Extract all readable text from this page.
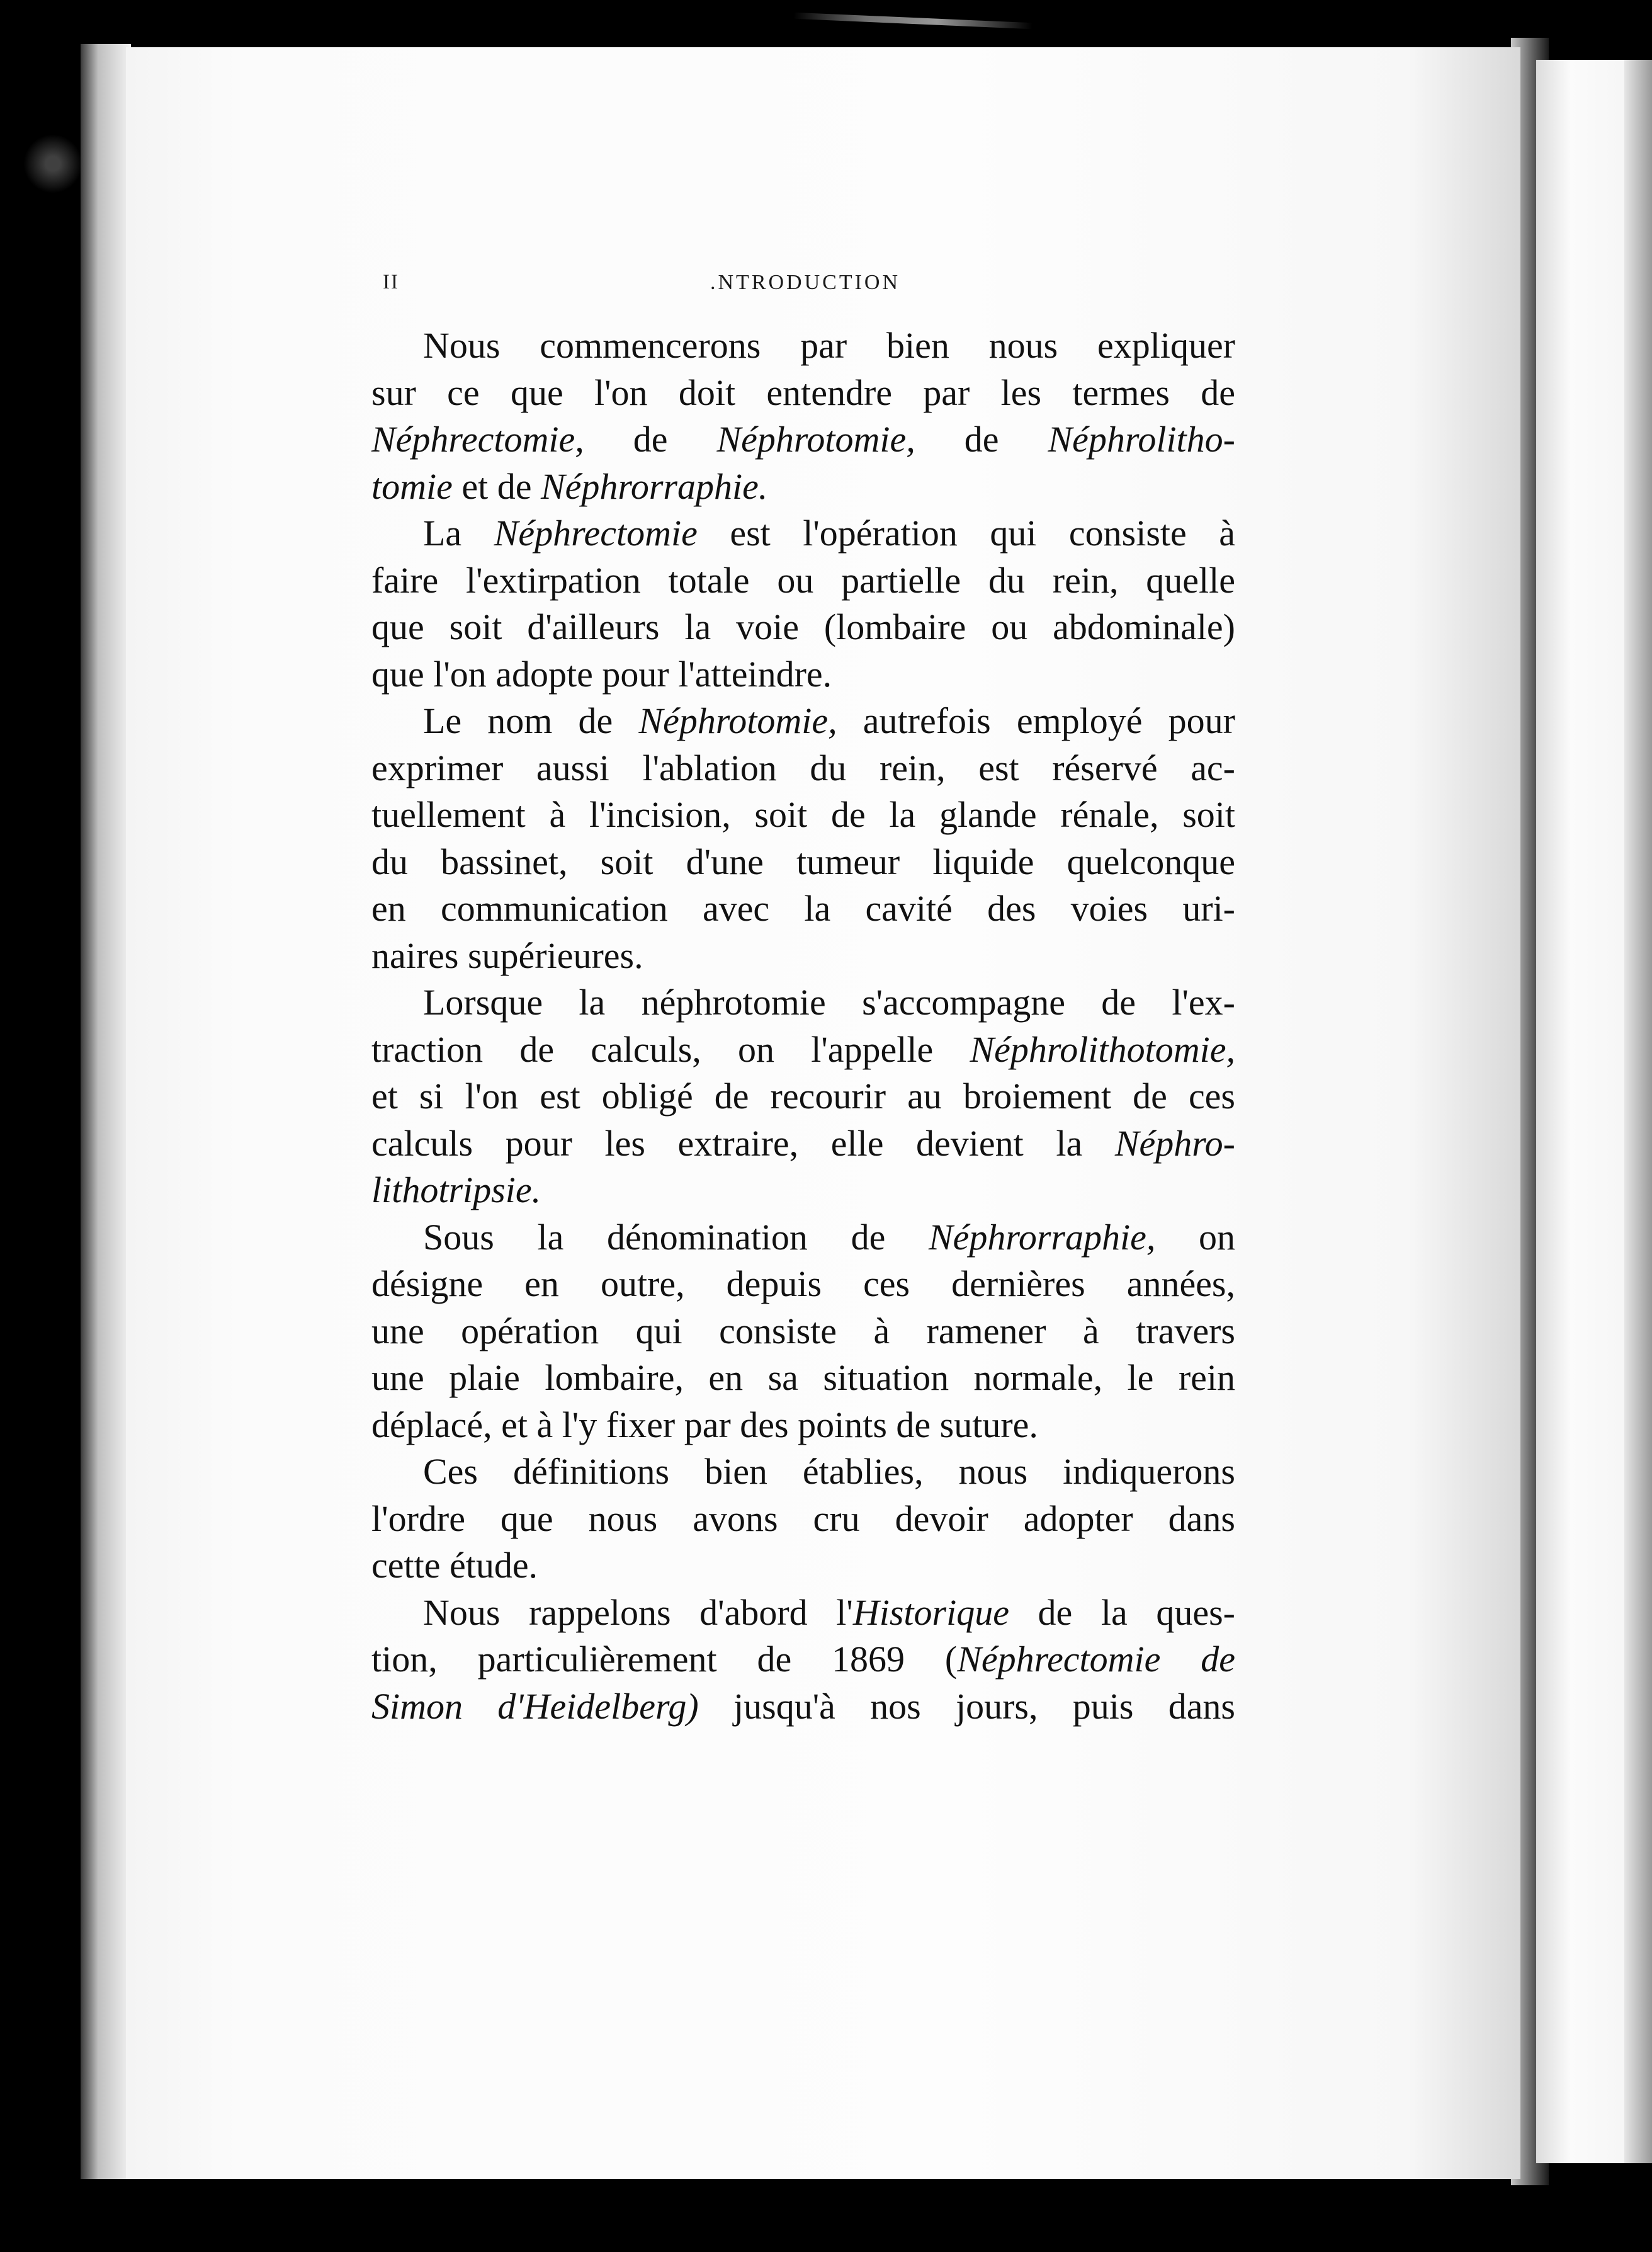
II	.NTRODUCTION
Nous commencerons par bien nous expliquer
sur ce que l'on doit entendre par les termes de
Néphrectomie, de Néphrotomie, de Néphrolitho-
tomie et de Néphrorraphie.
La Néphrectomie est l'opération qui consiste à
faire l'extirpation totale ou partielle du rein, quelle
que soit d'ailleurs la voie (lombaire ou abdominale)
que l'on adopte pour l'atteindre.
Le nom de Néphrotomie, autrefois employé pour
exprimer aussi l'ablation du rein, est réservé ac-
tuellement à l'incision, soit de la glande rénale, soit
du bassinet, soit d'une tumeur liquide quelconque
en communication avec la cavité des voies uri-
naires supérieures.
Lorsque la néphrotomie s'accompagne de l'ex-
traction de calculs, on l'appelle Néphrolithotomie,
et si l'on est obligé de recourir au broiement de ces
calculs pour les extraire, elle devient la Néphro-
lithotripsie.
Sous la dénomination de Néphrorraphie, on
désigne en outre, depuis ces dernières années,
une opération qui consiste à ramener à travers
une plaie lombaire, en sa situation normale, le rein
déplacé, et à l'y fixer par des points de suture.
Ces définitions bien établies, nous indiquerons
l'ordre que nous avons cru devoir adopter dans
cette étude.
Nous rappelons d'abord l'Historique de la ques-
tion, particulièrement de 1869 (Néphrectomie de
Simon d'Heidelberg) jusqu'à nos jours, puis dans
